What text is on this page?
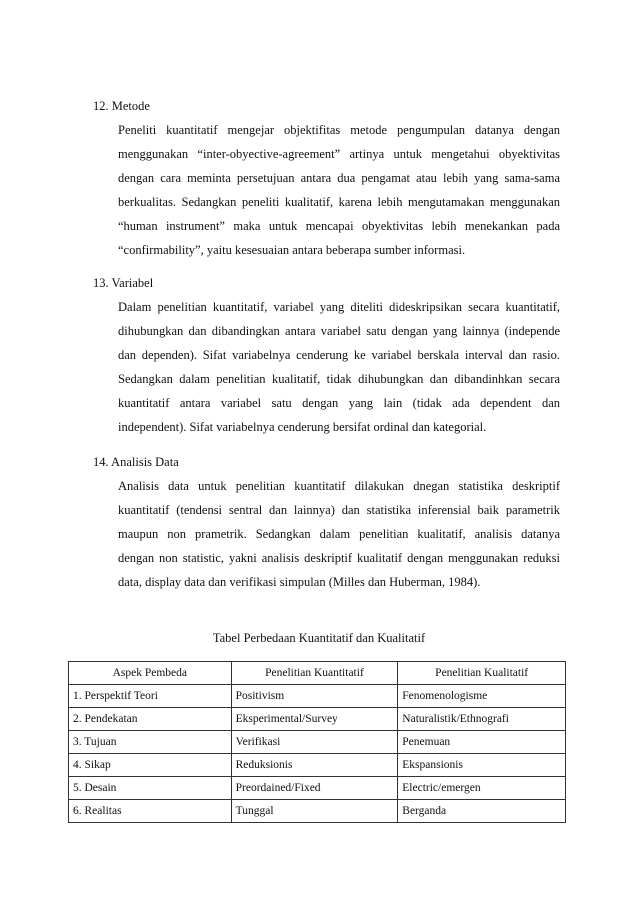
12. Metode
Peneliti kuantitatif mengejar objektifitas metode pengumpulan datanya dengan
menggunakan “inter-obyective-agreement” artinya untuk mengetahui obyektivitas
dengan cara meminta persetujuan antara dua pengamat atau lebih yang sama-sama
berkualitas. Sedangkan peneliti kualitatif, karena lebih mengutamakan menggunakan
“human instrument” maka untuk mencapai obyektivitas lebih menekankan pada
“confirmability”, yaitu kesesuaian antara beberapa sumber informasi.
13. Variabel
Dalam penelitian kuantitatif, variabel yang diteliti dideskripsikan secara kuantitatif,
dihubungkan dan dibandingkan antara variabel satu dengan yang lainnya (independe
dan dependen). Sifat variabelnya cenderung ke variabel berskala interval dan rasio.
Sedangkan dalam penelitian kualitatif, tidak dihubungkan dan dibandinhkan secara
kuantitatif antara variabel satu dengan yang lain (tidak ada dependent dan
independent). Sifat variabelnya cenderung bersifat ordinal dan kategorial.
14. Analisis Data
Analisis data untuk penelitian kuantitatif dilakukan dnegan statistika deskriptif
kuantitatif (tendensi sentral dan lainnya) dan statistika inferensial baik parametrik
maupun non prametrik. Sedangkan dalam penelitian kualitatif, analisis datanya
dengan non statistic, yakni analisis deskriptif kualitatif dengan menggunakan reduksi
data, display data dan verifikasi simpulan (Milles dan Huberman, 1984).
Tabel Perbedaan Kuantitatif dan Kualitatif
Aspek Pembeda	Penelitian Kuantitatif	Penelitian Kualitatif
1. Perspektif Teori	Positivism	Fenomenologisme
2. Pendekatan	Eksperimental/Survey	Naturalistik/Ethnografi
3. Tujuan	Verifikasi	Penemuan
4. Sikap	Reduksionis	Ekspansionis
5. Desain	Preordained/Fixed	Electric/emergen
6. Realitas	Tunggal	Berganda
